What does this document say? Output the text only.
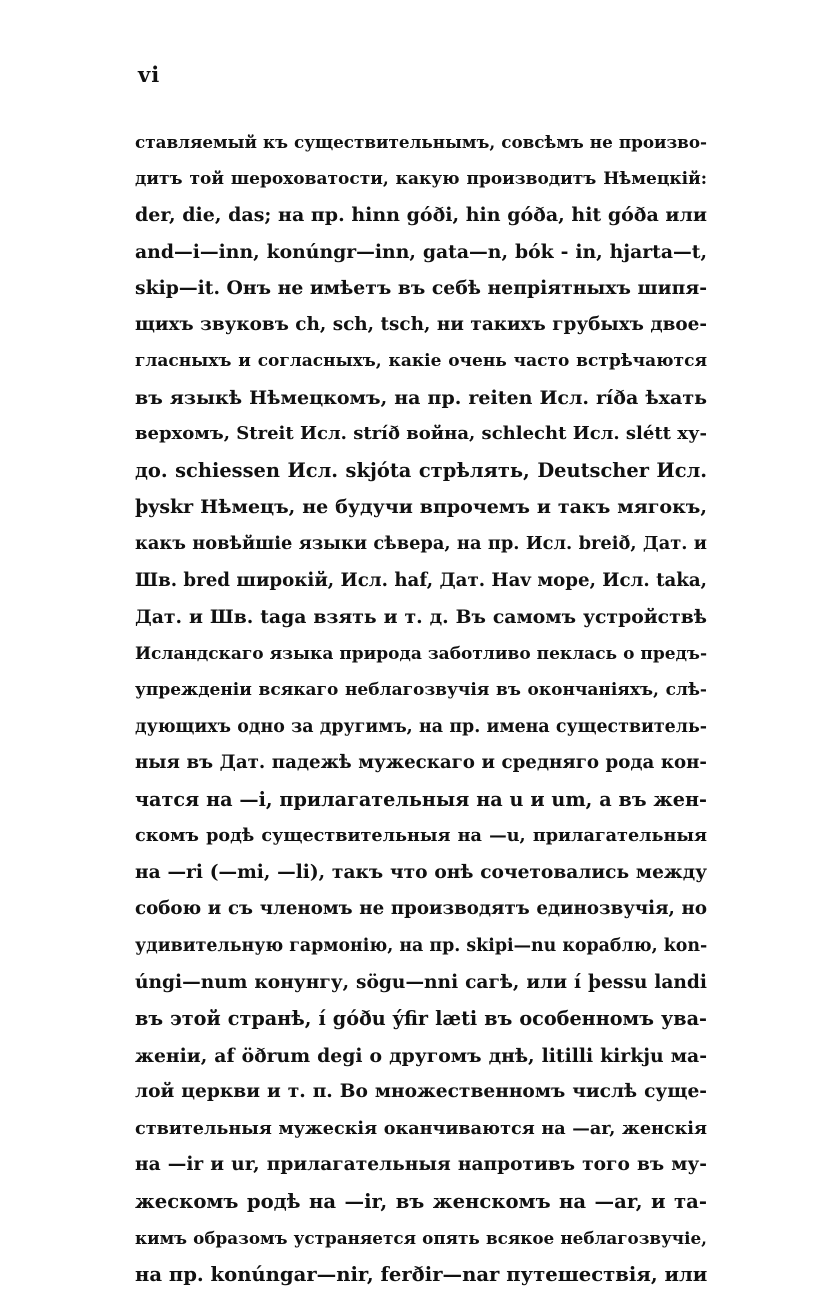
vi
ставляемый къ существительнымъ, совсѣмъ не произво-
дитъ той шероховатости, какую производитъ Нѣмецкій:
der, die, das; на пр. hinn góði, hin góða, hit góða или
and—i—inn, konúngr—inn, gata—n, bók - in, hjarta—t,
skip—it. Онъ не имѣетъ въ себѣ непріятныхъ шипя-
щихъ звуковъ ch, sch, tsch, ни такихъ грубыхъ двое-
гласныхъ и согласныхъ, какіе очень часто встрѣчаются
въ языкѣ Нѣмецкомъ, на пр. reiten Исл. ríða ѣхать
верхомъ, Streit Исл. stríð война, schlecht Исл. slétt ху-
до. schiessen Исл. skjóta стрѣлять, Deutscher Исл.
þyskr Нѣмецъ, не будучи впрочемъ и такъ мягокъ,
какъ новѣйшіе языки сѣвера, на пр. Исл. breið, Дат. и
Шв. bred широкій, Исл. haf, Дат. Hav море, Исл. taka,
Дат. и Шв. taga взять и т. д. Въ самомъ устройствѣ
Исландскаго языка природа заботливо пеклась о предъ-
упрежденіи всякаго неблагозвучія въ окончаніяхъ, слѣ-
дующихъ одно за другимъ, на пр. имена существитель-
ныя въ Дат. падежѣ мужескаго и средняго рода кон-
чатся на —i, прилагательныя на u и um, а въ жен-
скомъ родѣ существительныя на —u, прилагательныя
на —ri (—mi, —li), такъ что онѣ сочетовались между
собою и съ членомъ не производятъ единозвучія, но
удивительную гармонію, на пр. skipi—nu кораблю, kon-
úngi—num конунгу, sögu—nni сагѣ, или í þessu landi
въ этой странѣ, í góðu ýfir læti въ особенномъ ува-
женіи, af öðrum degi о другомъ днѣ, litilli kirkju ма-
лой церкви и т. п. Во множественномъ числѣ суще-
ствительныя мужескія оканчиваются на —ar, женскія
на —ir и ur, прилагательныя напротивъ того въ му-
жескомъ родѣ на —ir, въ женскомъ на —ar, и та-
кимъ образомъ устраняется опять всякое неблагозвучіе,
на пр. konúngar—nir, ferðir—nar путешествія, или
